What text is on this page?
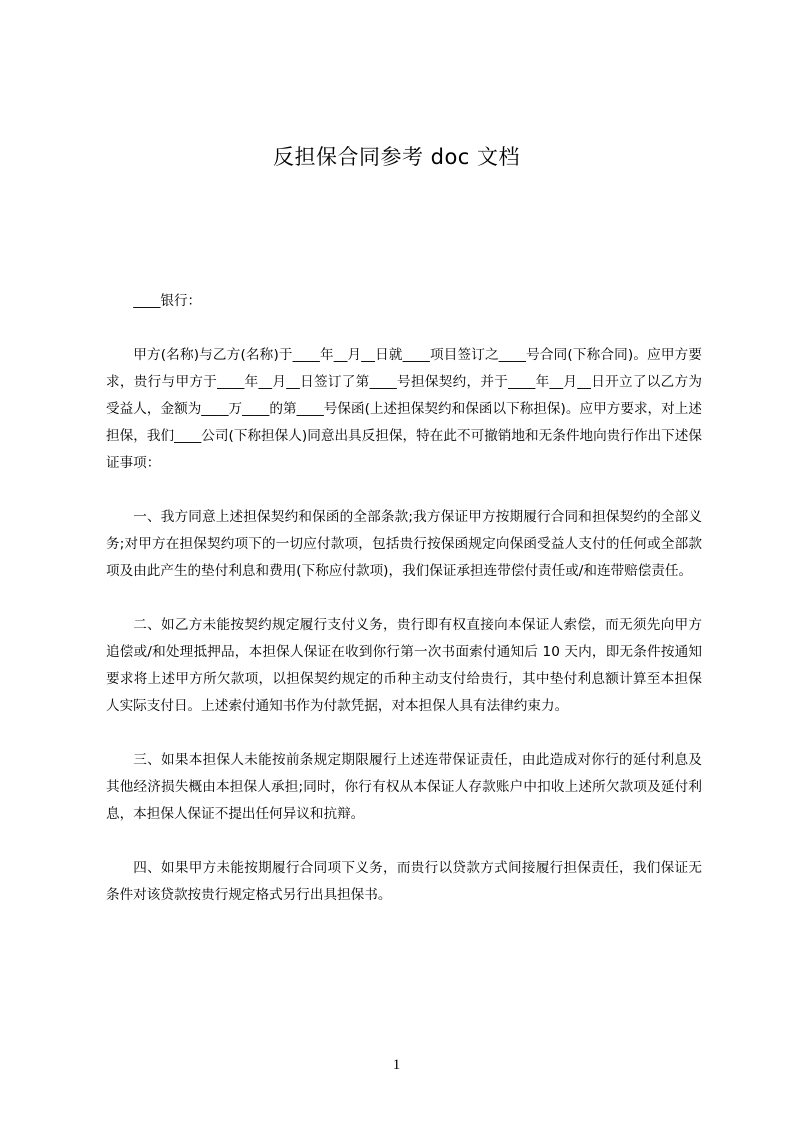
反担保合同参考 doc 文档

____银行：

甲方(名称)与乙方(名称)于____年__月__日就____项目签订之____号合同(下称合同)。应甲方要求，贵行与甲方于____年__月__日签订了第____号担保契约，并于____年__月__日开立了以乙方为受益人，金额为____万____的第____号保函(上述担保契约和保函以下称担保)。应甲方要求，对上述担保，我们____公司(下称担保人)同意出具反担保，特在此不可撤销地和无条件地向贵行作出下述保证事项：

一、我方同意上述担保契约和保函的全部条款;我方保证甲方按期履行合同和担保契约的全部义务;对甲方在担保契约项下的一切应付款项，包括贵行按保函规定向保函受益人支付的任何或全部款项及由此产生的垫付利息和费用(下称应付款项)，我们保证承担连带偿付责任或/和连带赔偿责任。

二、如乙方未能按契约规定履行支付义务，贵行即有权直接向本保证人索偿，而无须先向甲方追偿或/和处理抵押品，本担保人保证在收到你行第一次书面索付通知后 10 天内，即无条件按通知要求将上述甲方所欠款项，以担保契约规定的币种主动支付给贵行，其中垫付利息额计算至本担保人实际支付日。上述索付通知书作为付款凭据，对本担保人具有法律约束力。

三、如果本担保人未能按前条规定期限履行上述连带保证责任，由此造成对你行的延付利息及其他经济损失概由本担保人承担;同时，你行有权从本保证人存款账户中扣收上述所欠款项及延付利息，本担保人保证不提出任何异议和抗辩。

四、如果甲方未能按期履行合同项下义务，而贵行以贷款方式间接履行担保责任，我们保证无条件对该贷款按贵行规定格式另行出具担保书。

1
